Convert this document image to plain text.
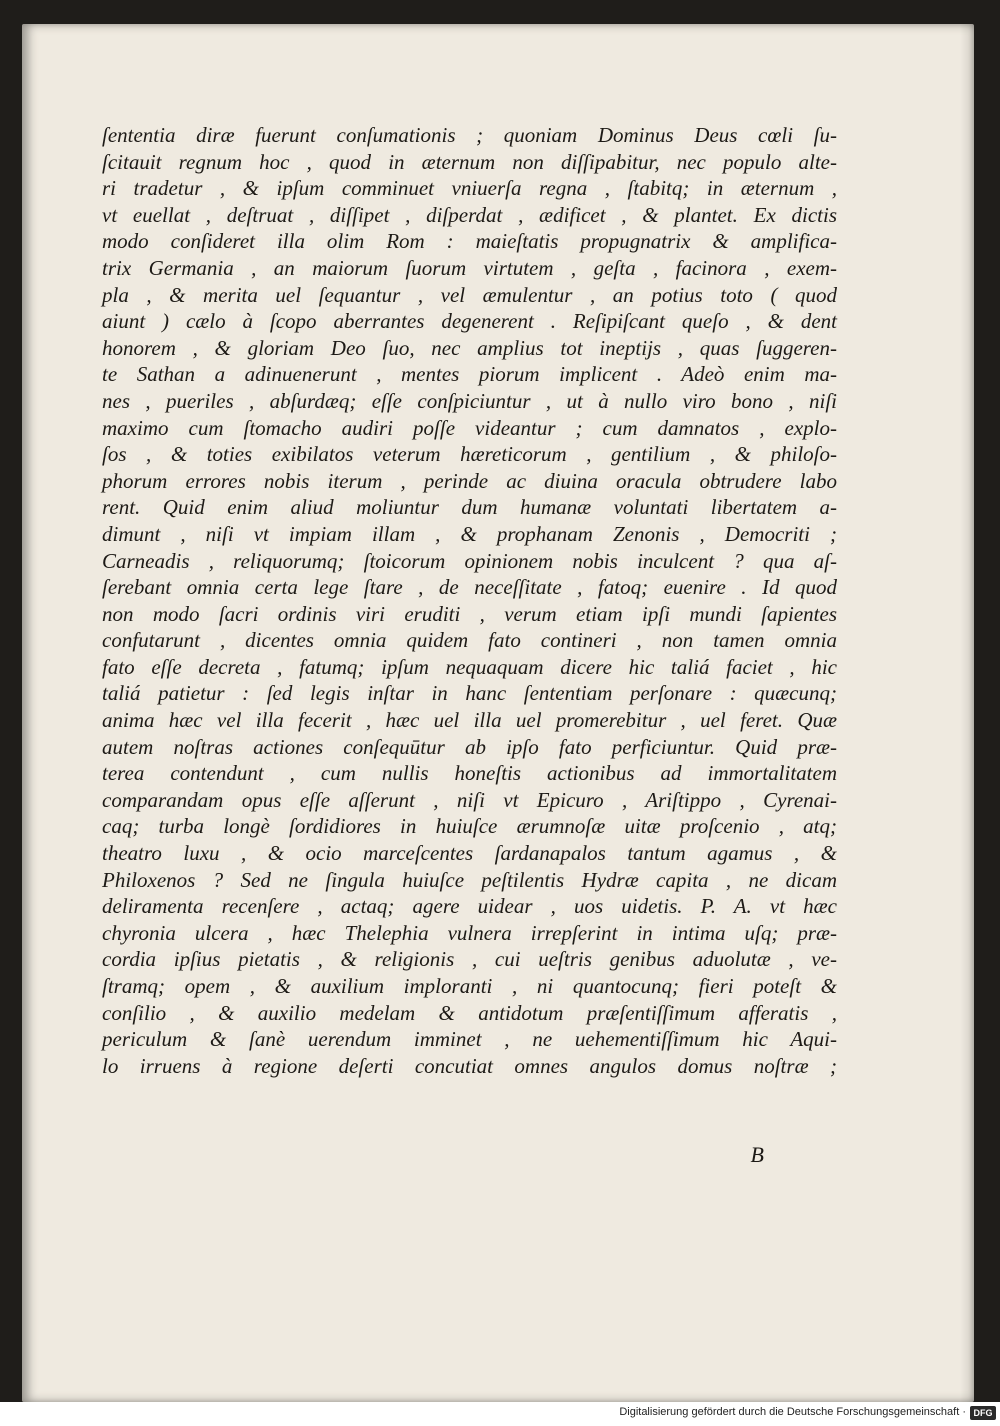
ſententia diræ fuerunt conſumationis ; quoniam Dominus Deus cœli ſu-
ſcitauit regnum hoc , quod in æternum non diſſipabitur, nec populo alte-
ri tradetur , & ipſum comminuet vniuerſa regna , ſtabitq; in æternum ,
vt euellat , deſtruat , diſſipet , diſperdat , ædificet , & plantet. Ex dictis
modo conſideret illa olim Rom : maieſtatis propugnatrix & amplifica-
trix Germania , an maiorum ſuorum virtutem , geſta , facinora , exem-
pla , & merita uel ſequantur , vel æmulentur , an potius toto ( quod
aiunt ) cælo à ſcopo aberrantes degenerent . Reſipiſcant queſo , & dent
honorem , & gloriam Deo ſuo, nec amplius tot ineptijs , quas ſuggeren-
te Sathan a adinuenerunt , mentes piorum implicent . Adeò enim ma-
nes , pueriles , abſurdæq; eſſe conſpiciuntur , ut à nullo viro bono , niſi
maximo cum ſtomacho audiri poſſe videantur ; cum damnatos , explo-
ſos , & toties exibilatos veterum hæreticorum , gentilium , & philoſo-
phorum errores nobis iterum , perinde ac diuina oracula obtrudere labo
rent. Quid enim aliud moliuntur dum humanæ voluntati libertatem a-
dimunt , niſi vt impiam illam , & prophanam Zenonis , Democriti ;
Carneadis , reliquorumq; ſtoicorum opinionem nobis inculcent ? qua aſ-
ſerebant omnia certa lege ſtare , de neceſſitate , fatoq; euenire . Id quod
non modo ſacri ordinis viri eruditi , verum etiam ipſi mundi ſapientes
confutarunt , dicentes omnia quidem fato contineri , non tamen omnia
fato eſſe decreta , fatumq; ipſum nequaquam dicere hic taliá faciet , hic
taliá patietur : ſed legis inſtar in hanc ſententiam perſonare : quæcunq;
anima hæc vel illa fecerit , hæc uel illa uel promerebitur , uel feret. Quæ
autem noſtras actiones conſequūtur ab ipſo fato perficiuntur. Quid præ-
terea contendunt , cum nullis honeſtis actionibus ad immortalitatem
comparandam opus eſſe aſſerunt , niſi vt Epicuro , Ariſtippo , Cyrenai-
caq; turba longè ſordidiores in huiuſce ærumnoſæ uitæ proſcenio , atq;
theatro luxu , & ocio marceſcentes ſardanapalos tantum agamus , &
Philoxenos ? Sed ne ſingula huiuſce peſtilentis Hydræ capita , ne dicam
deliramenta recenſere , actaq; agere uidear , uos uidetis. P. A. vt hæc
chyronia ulcera , hæc Thelephia vulnera irrepſerint in intima uſq; præ-
cordia ipſius pietatis , & religionis , cui ueſtris genibus aduolutæ , ve-
ſtramq; opem , & auxilium imploranti , ni quantocunq; fieri poteſt &
conſilio , & auxilio medelam & antidotum præſentiſſimum afferatis ,
periculum & ſanè uerendum imminet , ne uehementiſſimum hic Aqui-
lo irruens à regione deſerti concutiat omnes angulos domus noſtræ ;
B
Digitalisierung gefördert durch die Deutsche Forschungsgemeinschaft · DFG
